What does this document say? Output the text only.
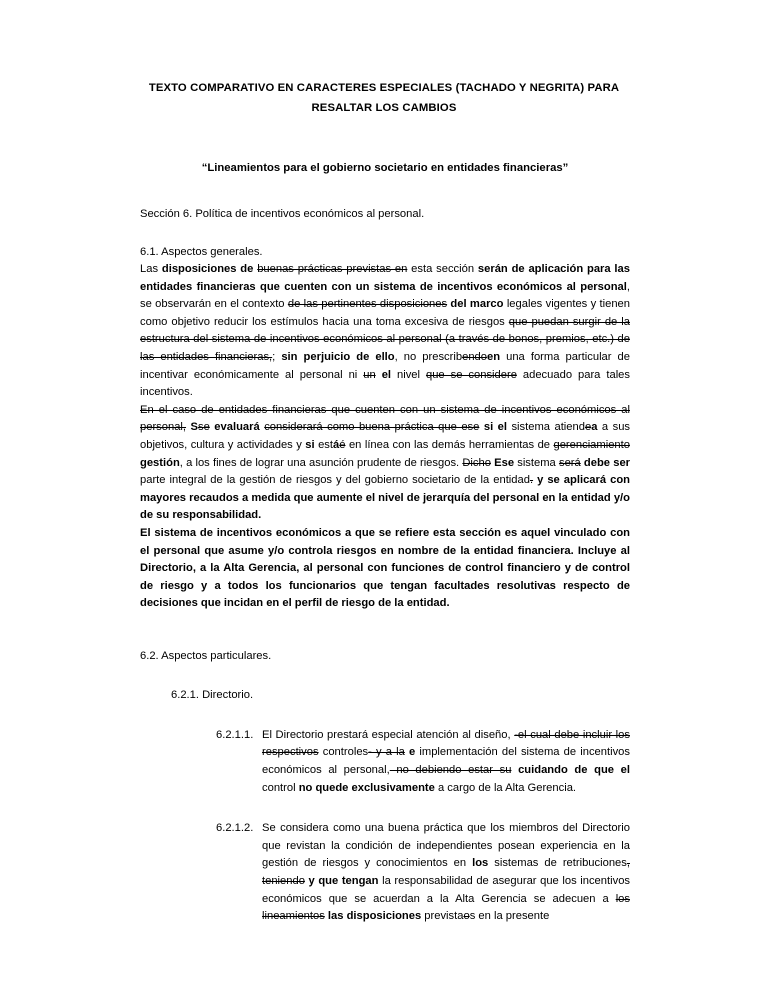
TEXTO COMPARATIVO EN CARACTERES ESPECIALES (TACHADO Y NEGRITA) PARA RESALTAR LOS CAMBIOS
“Lineamientos para el gobierno societario en entidades financieras”
Sección 6. Política de incentivos económicos al personal.
6.1. Aspectos generales.

Las disposiciones de buenas prácticas previstas en esta sección serán de aplicación para las entidades financieras que cuenten con un sistema de incentivos económicos al personal, se observarán en el contexto de las pertinentes disposiciones del marco legales vigentes y tienen como objetivo reducir los estímulos hacia una toma excesiva de riesgos que puedan surgir de la estructura del sistema de incentivos económicos al personal (a través de bonos, premios, etc.) de las entidades financieras,; sin perjuicio de ello, no prescribendoen una forma particular de incentivar económicamente al personal ni un el nivel que se considere adecuado para tales incentivos.

En el caso de entidades financieras que cuenten con un sistema de incentivos económicos al personal, Sse evaluará considerará como buena práctica que ese si el sistema atiendea a sus objetivos, cultura y actividades y si estáé en línea con las demás herramientas de gerenciamiento gestión, a los fines de lograr una asunción prudente de riesgos. Dicho Ese sistema será debe ser parte integral de la gestión de riesgos y del gobierno societario de la entidad. y se aplicará con mayores recaudos a medida que aumente el nivel de jerarquía del personal en la entidad y/o de su responsabilidad.

El sistema de incentivos económicos a que se refiere esta sección es aquel vinculado con el personal que asume y/o controla riesgos en nombre de la entidad financiera. Incluye al Directorio, a la Alta Gerencia, al personal con funciones de control financiero y de control de riesgo y a todos los funcionarios que tengan facultades resolutivas respecto de decisiones que incidan en el perfil de riesgo de la entidad.

6.2. Aspectos particulares.
6.2.1. Directorio.
6.2.1.1. El Directorio prestará especial atención al diseño, -el cual debe incluir los respectivos controles- y a la e implementación del sistema de incentivos económicos al personal, no debiendo estar su cuidando de que el control no quede exclusivamente a cargo de la Alta Gerencia.
6.2.1.2. Se considera como una buena práctica que los miembros del Directorio que revistan la condición de independientes posean experiencia en la gestión de riesgos y conocimientos en los sistemas de retribuciones, teniendo y que tengan la responsabilidad de asegurar que los incentivos económicos que se acuerdan a la Alta Gerencia se adecuen a los lineamientos las disposiciones previstaos en la presente
